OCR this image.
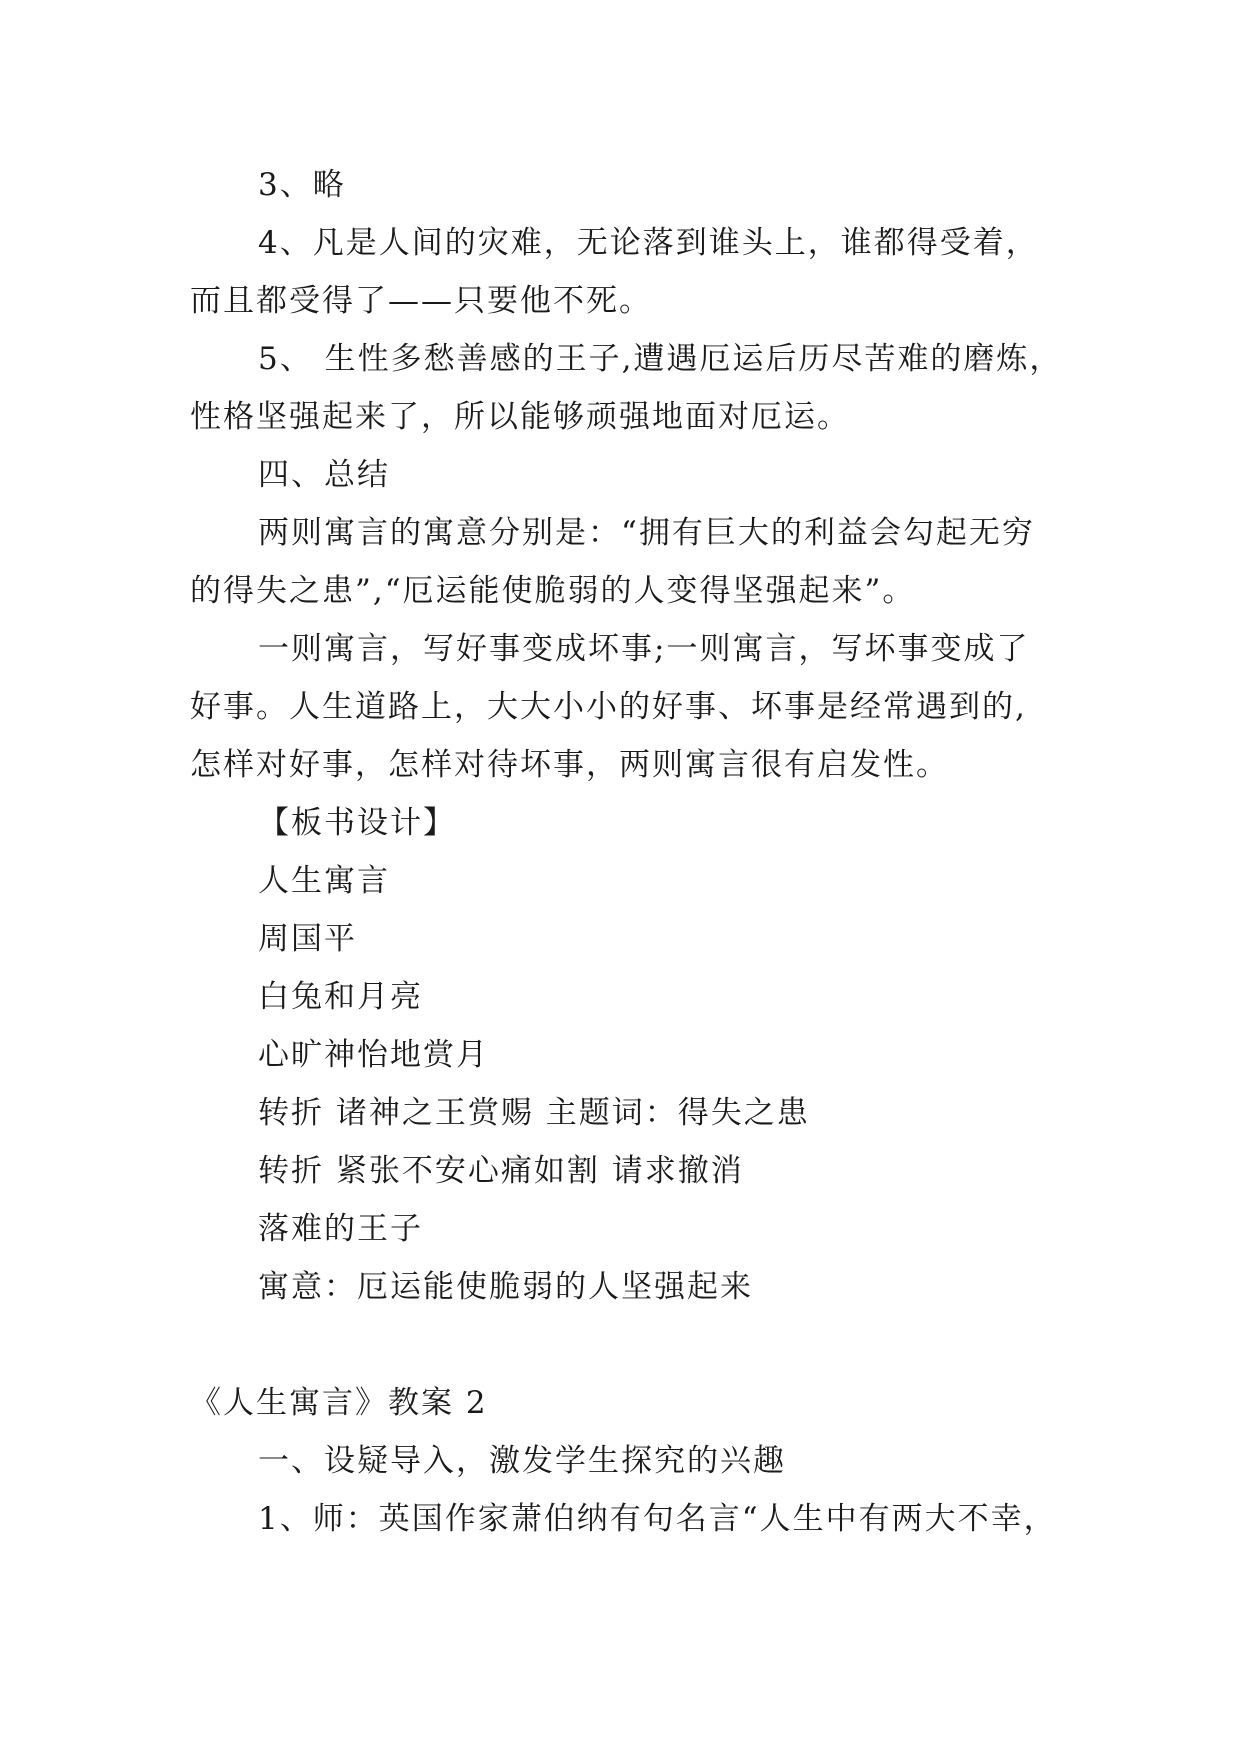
3、略
4、凡是人间的灾难，无论落到谁头上，谁都得受着，
而且都受得了——只要他不死。
5、 生性多愁善感的王子,遭遇厄运后历尽苦难的磨炼，
性格坚强起来了，所以能够顽强地面对厄运。
四、总结
两则寓言的寓意分别是：“拥有巨大的利益会勾起无穷
的得失之患”,“厄运能使脆弱的人变得坚强起来”。
一则寓言，写好事变成坏事;一则寓言，写坏事变成了
好事。人生道路上，大大小小的好事、坏事是经常遇到的,
怎样对好事，怎样对待坏事，两则寓言很有启发性。
【板书设计】
人生寓言
周国平
白兔和月亮
心旷神怡地赏月
转折 诸神之王赏赐 主题词：得失之患
转折 紧张不安心痛如割 请求撤消
落难的王子
寓意：厄运能使脆弱的人坚强起来
《人生寓言》教案 2
一、设疑导入，激发学生探究的兴趣
1、师：英国作家萧伯纳有句名言“人生中有两大不幸，
